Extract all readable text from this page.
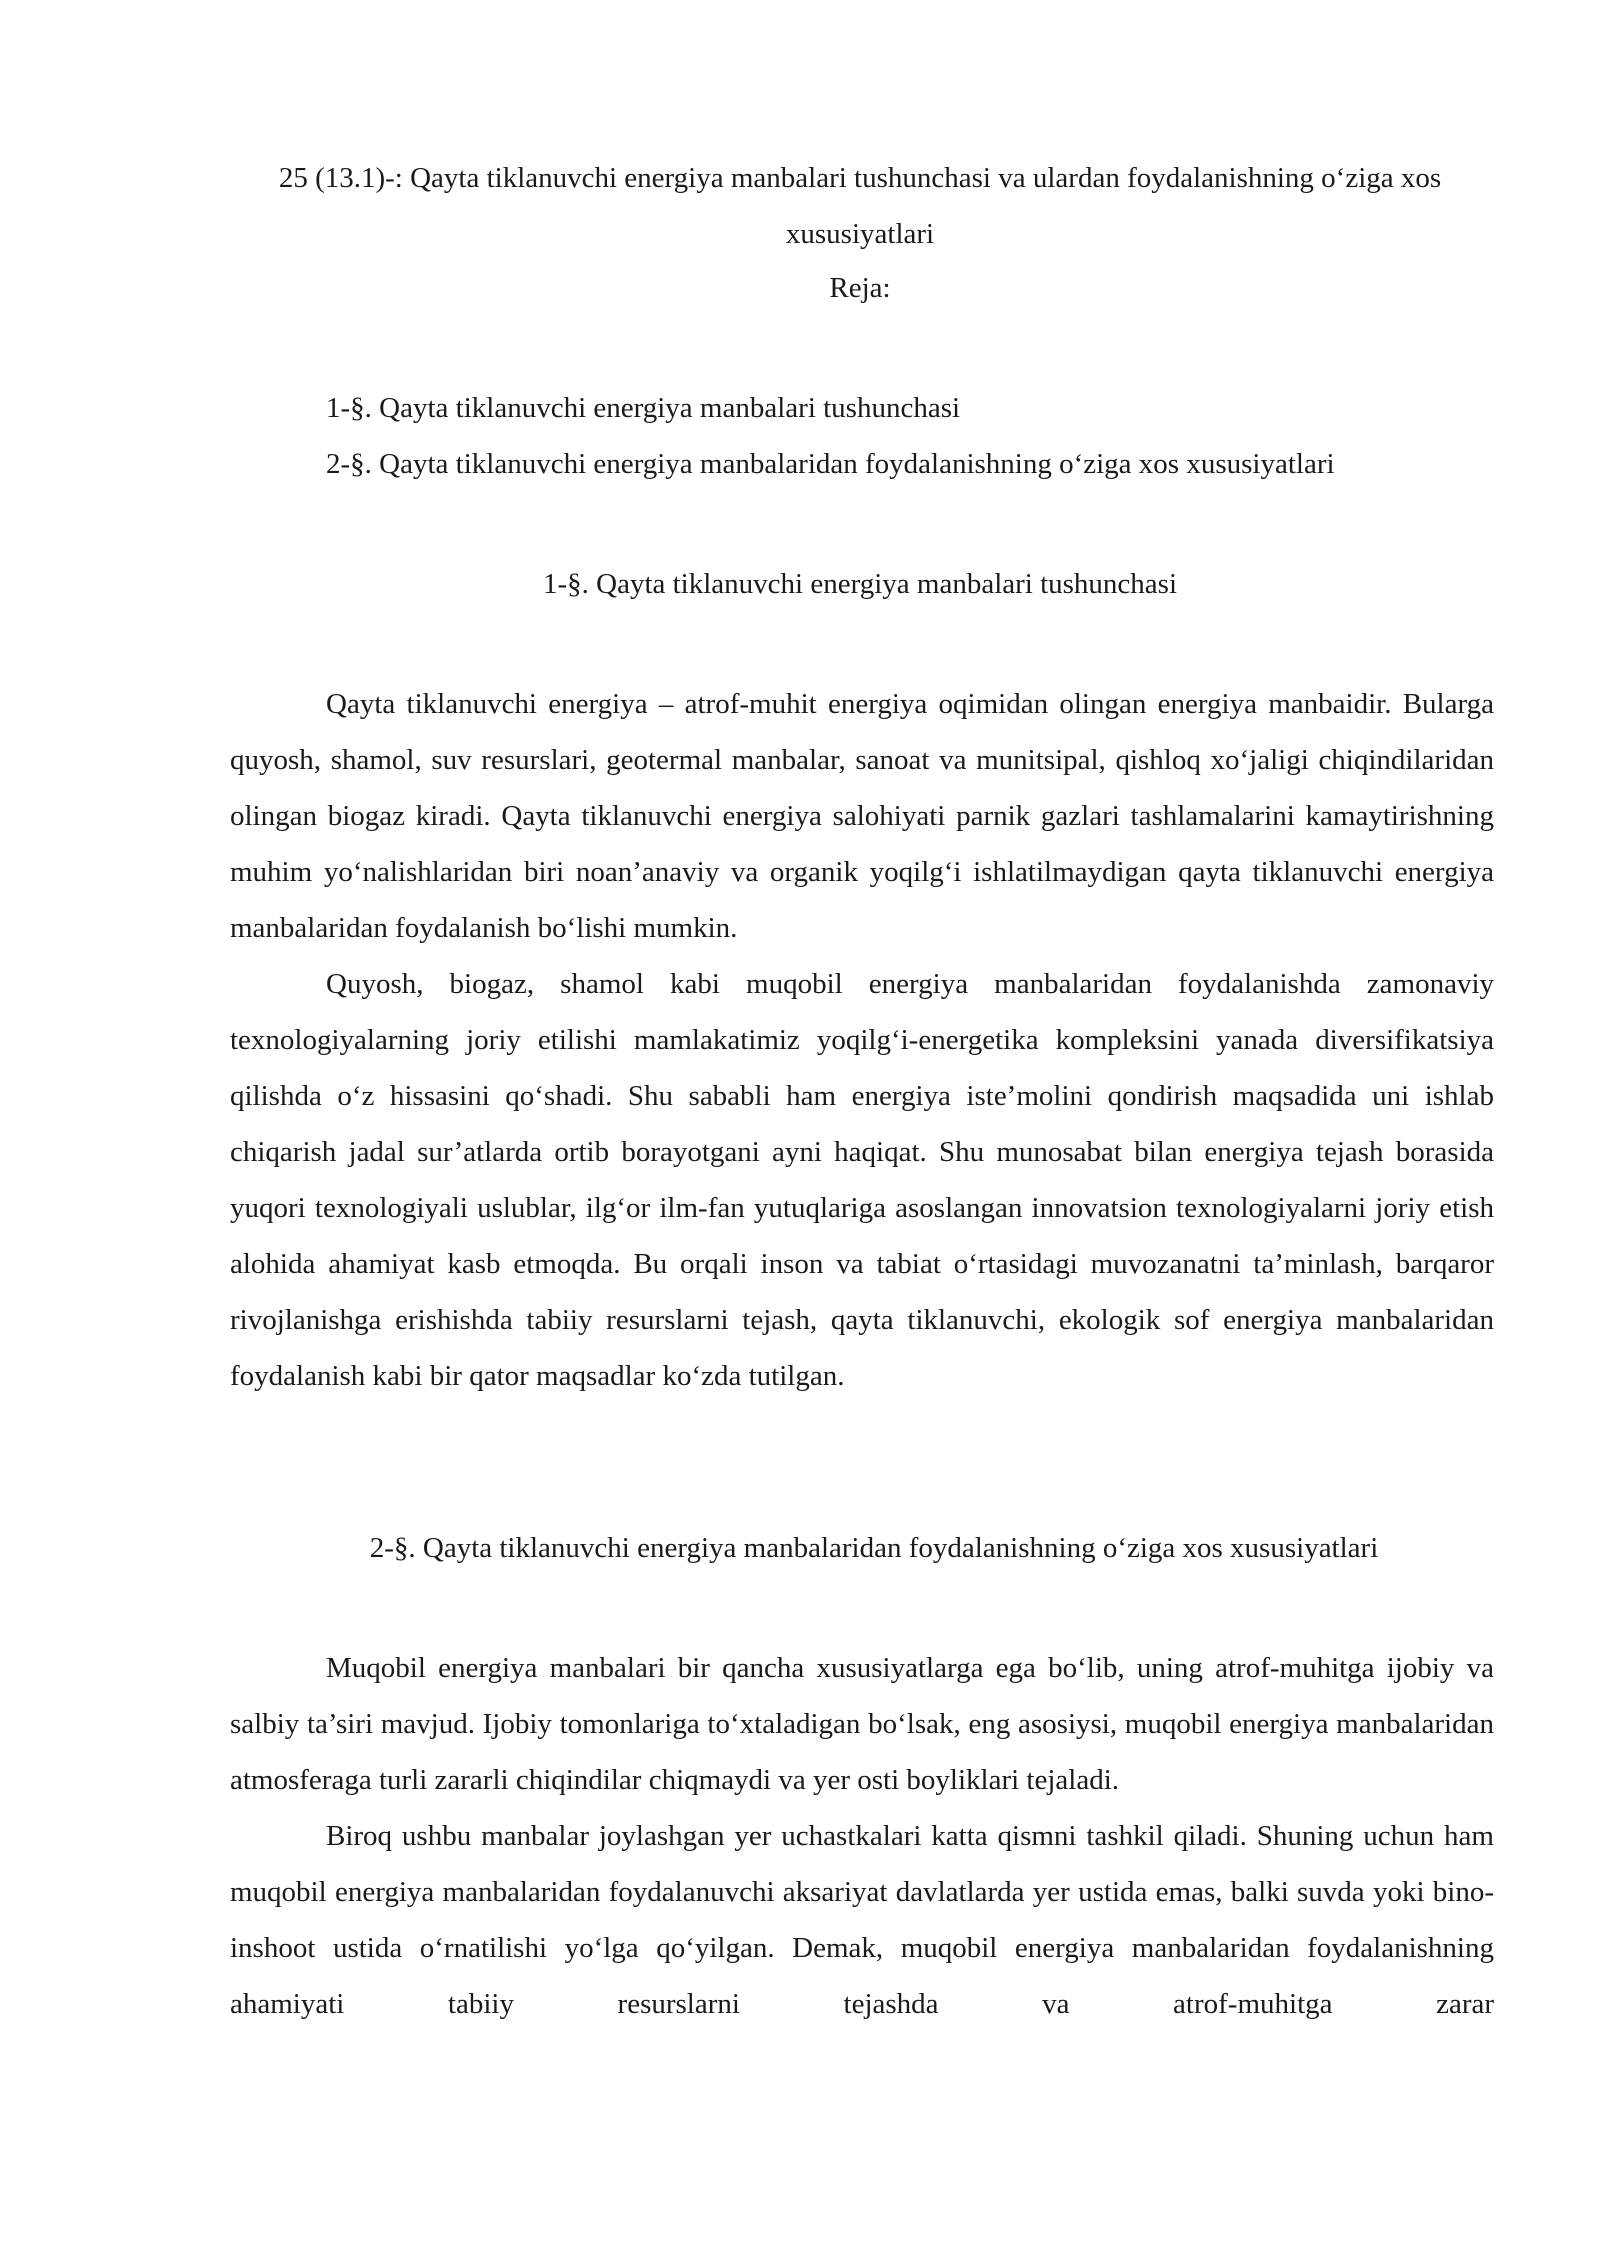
25 (13.1)-: Qayta tiklanuvchi energiya manbalari tushunchasi va ulardan foydalanishning o‘ziga xos xususiyatlari

Reja:

1-§. Qayta tiklanuvchi energiya manbalari tushunchasi
2-§. Qayta tiklanuvchi energiya manbalaridan foydalanishning o‘ziga xos xususiyatlari
1-§. Qayta tiklanuvchi energiya manbalari tushunchasi

Qayta tiklanuvchi energiya – atrof-muhit energiya oqimidan olingan energiya manbaidir. Bularga quyosh, shamol, suv resurslari, geotermal manbalar, sanoat va munitsipal, qishloq xo‘jaligi chiqindilaridan olingan biogaz kiradi. Qayta tiklanuvchi energiya salohiyati parnik gazlari tashlamalarini kamaytirishning muhim yo‘nalishlaridan biri noan’anaviy va organik yoqilg‘i ishlatilmaydigan qayta tiklanuvchi energiya manbalaridan foydalanish bo‘lishi mumkin.

Quyosh, biogaz, shamol kabi muqobil energiya manbalaridan foydalanishda zamonaviy texnologiyalarning joriy etilishi mamlakatimiz yoqilg‘i-energetika kompleksini yanada diversifikatsiya qilishda o‘z hissasini qo‘shadi. Shu sababli ham energiya iste’molini qondirish maqsadida uni ishlab chiqarish jadal sur’atlarda ortib borayotgani ayni haqiqat. Shu munosabat bilan energiya tejash borasida yuqori texnologiyali uslublar, ilg‘or ilm-fan yutuqlariga asoslangan innovatsion texnologiyalarni joriy etish alohida ahamiyat kasb etmoqda. Bu orqali inson va tabiat o‘rtasidagi muvozanatni ta’minlash, barqaror rivojlanishga erishishda tabiiy resurslarni tejash, qayta tiklanuvchi, ekologik sof energiya manbalaridan foydalanish kabi bir qator maqsadlar ko‘zda tutilgan.

2-§. Qayta tiklanuvchi energiya manbalaridan foydalanishning o‘ziga xos xususiyatlari

Muqobil energiya manbalari bir qancha xususiyatlarga ega bo‘lib, uning atrof-muhitga ijobiy va salbiy ta’siri mavjud. Ijobiy tomonlariga to‘xtaladigan bo‘lsak, eng asosiysi, muqobil energiya manbalaridan atmosferaga turli zararli chiqindilar chiqmaydi va yer osti boyliklari tejaladi.

Biroq ushbu manbalar joylashgan yer uchastkalari katta qismni tashkil qiladi. Shuning uchun ham muqobil energiya manbalaridan foydalanuvchi aksariyat davlatlarda yer ustida emas, balki suvda yoki bino-inshoot ustida o‘rnatilishi yo‘lga qo‘yilgan. Demak, muqobil energiya manbalaridan foydalanishning ahamiyati tabiiy resurslarni tejashda va atrof-muhitga zarar
